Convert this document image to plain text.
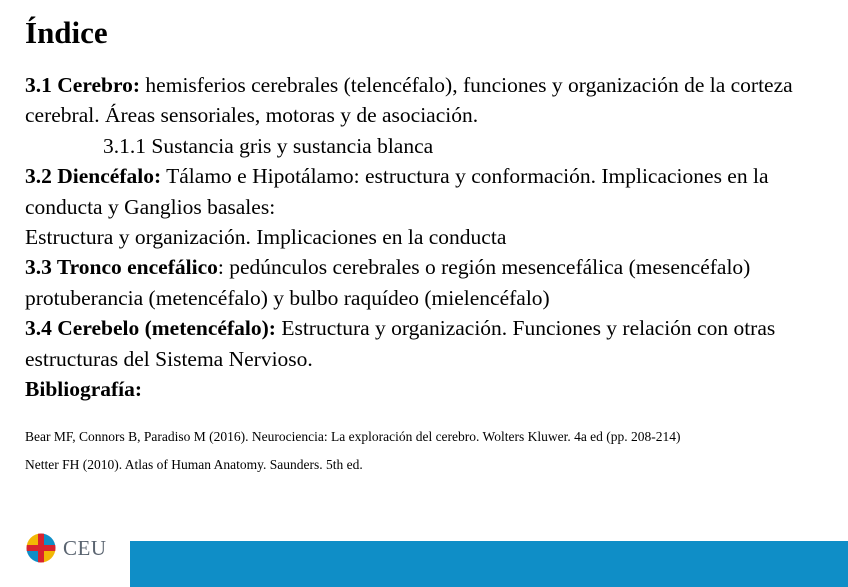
Índice

3.1 Cerebro: hemisferios cerebrales (telencéfalo), funciones y organización de la corteza cerebral. Áreas sensoriales, motoras y de asociación.

3.1.1 Sustancia gris y sustancia blanca

3.2 Diencéfalo: Tálamo e Hipotálamo: estructura y conformación. Implicaciones en la conducta y Ganglios basales:

Estructura y organización. Implicaciones en la conducta

3.3 Tronco encefálico: pedúnculos cerebrales o región mesencefálica (mesencéfalo) protuberancia (metencéfalo) y bulbo raquídeo (mielencéfalo)

3.4 Cerebelo (metencéfalo): Estructura y organización. Funciones y relación con otras estructuras del Sistema Nervioso.

Bibliografía:

Bear MF, Connors B, Paradiso M (2016). Neurociencia: La exploración del cerebro. Wolters Kluwer. 4a ed (pp. 208-214)

Netter FH (2010). Atlas of Human Anatomy. Saunders. 5th ed.

CEU
